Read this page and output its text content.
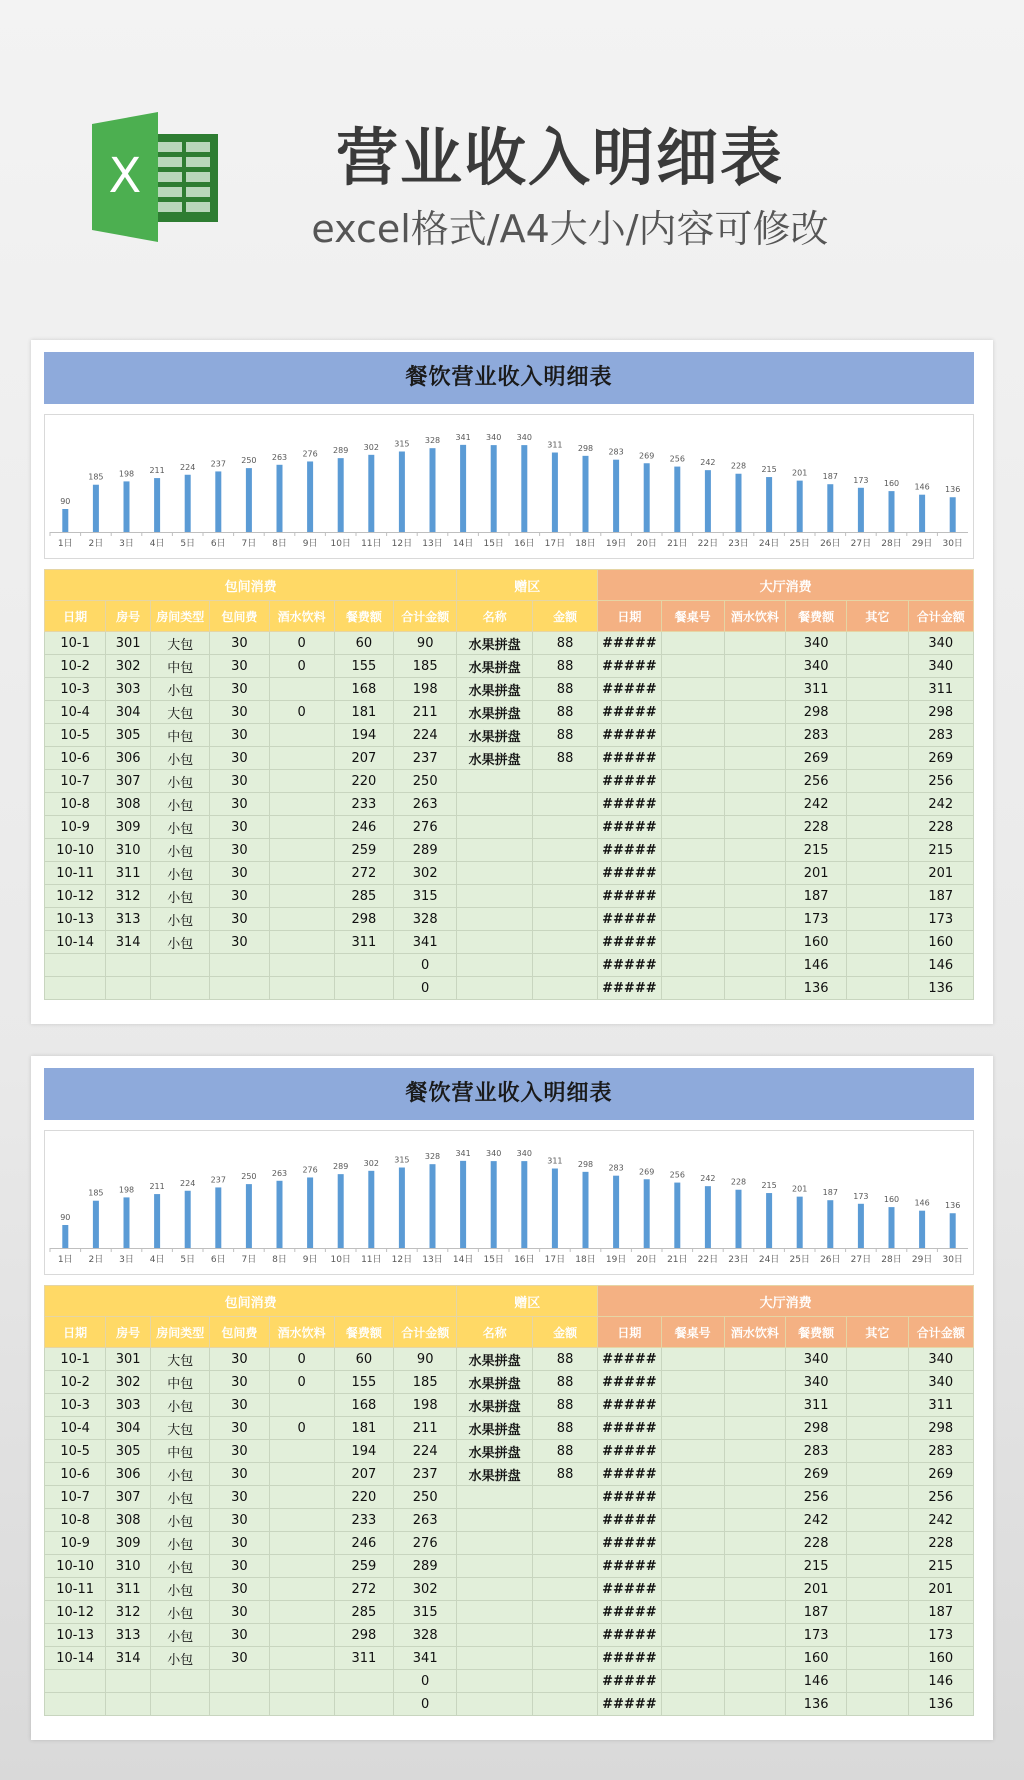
X	营业收入明细表
excel格式/A4大小/内容可修改
餐饮营业收入明细表
90
1日
185
2日
198
3日
211
4日
224
5日
237
6日
250
7日
263
8日
276
9日
289
10日
302
11日
315
12日
328
13日
341
14日
340
15日
340
16日
311
17日
298
18日
283
19日
269
20日
256
21日
242
22日
228
23日
215
24日
201
25日
187
26日
173
27日
160
28日
146
29日
136
30日
包间消费							赠区		大厅消费					
日期	房号	房间类型	包间费	酒水饮料	餐费额	合计金额	名称	金额	日期	餐桌号	酒水饮料	餐费额	其它	合计金额
10-1	301	大包	30	0	60	90	水果拼盘	88	#####			340		340
10-2	302	中包	30	0	155	185	水果拼盘	88	#####			340		340
10-3	303	小包	30		168	198	水果拼盘	88	#####			311		311
10-4	304	大包	30	0	181	211	水果拼盘	88	#####			298		298
10-5	305	中包	30		194	224	水果拼盘	88	#####			283		283
10-6	306	小包	30		207	237	水果拼盘	88	#####			269		269
10-7	307	小包	30		220	250			#####			256		256
10-8	308	小包	30		233	263			#####			242		242
10-9	309	小包	30		246	276			#####			228		228
10-10	310	小包	30		259	289			#####			215		215
10-11	311	小包	30		272	302			#####			201		201
10-12	312	小包	30		285	315			#####			187		187
10-13	313	小包	30		298	328			#####			173		173
10-14	314	小包	30		311	341			#####			160		160
						0			#####			146		146
						0			#####			136		136
餐饮营业收入明细表
90
1日
185
2日
198
3日
211
4日
224
5日
237
6日
250
7日
263
8日
276
9日
289
10日
302
11日
315
12日
328
13日
341
14日
340
15日
340
16日
311
17日
298
18日
283
19日
269
20日
256
21日
242
22日
228
23日
215
24日
201
25日
187
26日
173
27日
160
28日
146
29日
136
30日
包间消费							赠区		大厅消费					
日期	房号	房间类型	包间费	酒水饮料	餐费额	合计金额	名称	金额	日期	餐桌号	酒水饮料	餐费额	其它	合计金额
10-1	301	大包	30	0	60	90	水果拼盘	88	#####			340		340
10-2	302	中包	30	0	155	185	水果拼盘	88	#####			340		340
10-3	303	小包	30		168	198	水果拼盘	88	#####			311		311
10-4	304	大包	30	0	181	211	水果拼盘	88	#####			298		298
10-5	305	中包	30		194	224	水果拼盘	88	#####			283		283
10-6	306	小包	30		207	237	水果拼盘	88	#####			269		269
10-7	307	小包	30		220	250			#####			256		256
10-8	308	小包	30		233	263			#####			242		242
10-9	309	小包	30		246	276			#####			228		228
10-10	310	小包	30		259	289			#####			215		215
10-11	311	小包	30		272	302			#####			201		201
10-12	312	小包	30		285	315			#####			187		187
10-13	313	小包	30		298	328			#####			173		173
10-14	314	小包	30		311	341			#####			160		160
						0			#####			146		146
						0			#####			136		136
